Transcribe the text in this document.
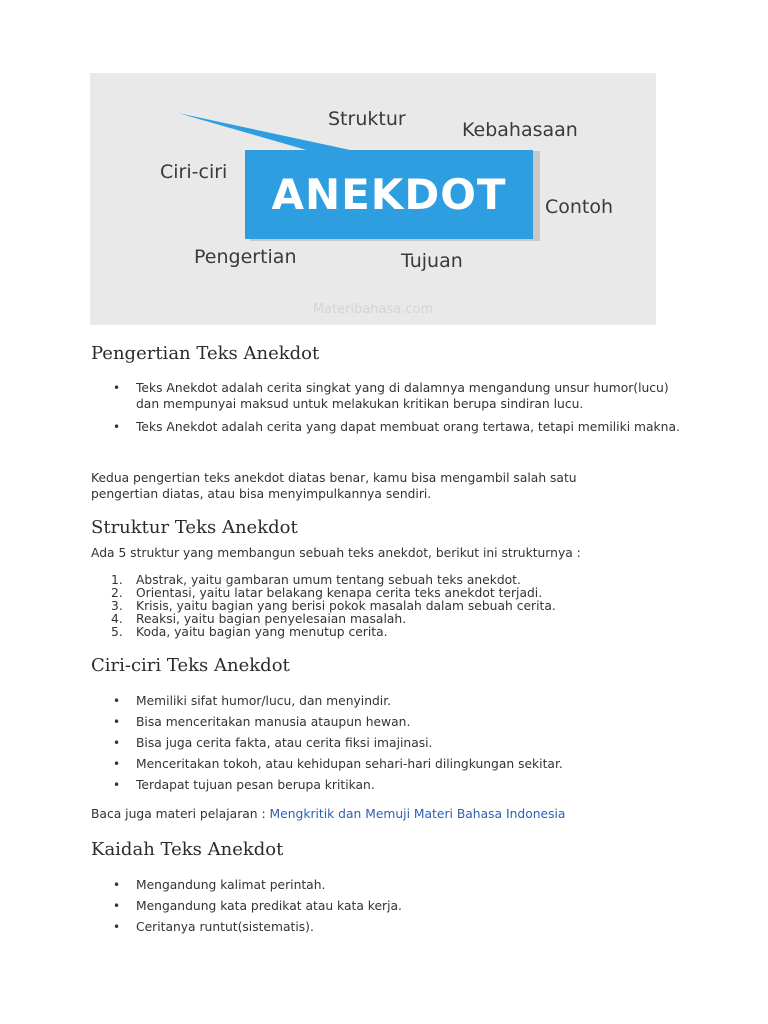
Struktur	Kebahasaan
Ciri-ciri
Contoh
Pengertian	Tujuan
ANEKDOT
Materibahasa.com
Pengertian Teks Anekdot
• Teks Anekdot adalah cerita singkat yang di dalamnya mengandung unsur humor(lucu) dan mempunyai maksud untuk melakukan kritikan berupa sindiran lucu.
• Teks Anekdot adalah cerita yang dapat membuat orang tertawa, tetapi memiliki makna.

Kedua pengertian teks anekdot diatas benar, kamu bisa mengambil salah satu pengertian diatas, atau bisa menyimpulkannya sendiri.

Struktur Teks Anekdot

Ada 5 struktur yang membangun sebuah teks anekdot, berikut ini strukturnya :

1. Abstrak, yaitu gambaran umum tentang sebuah teks anekdot.
2. Orientasi, yaitu latar belakang kenapa cerita teks anekdot terjadi.
3. Krisis, yaitu bagian yang berisi pokok masalah dalam sebuah cerita.
4. Reaksi, yaitu bagian penyelesaian masalah.
5. Koda, yaitu bagian yang menutup cerita.
Ciri-ciri Teks Anekdot
• Memiliki sifat humor/lucu, dan menyindir.
• Bisa menceritakan manusia ataupun hewan.
• Bisa juga cerita fakta, atau cerita fiksi imajinasi.
• Menceritakan tokoh, atau kehidupan sehari-hari dilingkungan sekitar.
• Terdapat tujuan pesan berupa kritikan.

Baca juga materi pelajaran : Mengkritik dan Memuji Materi Bahasa Indonesia

Kaidah Teks Anekdot
• Mengandung kalimat perintah.
• Mengandung kata predikat atau kata kerja.
• Ceritanya runtut(sistematis).
